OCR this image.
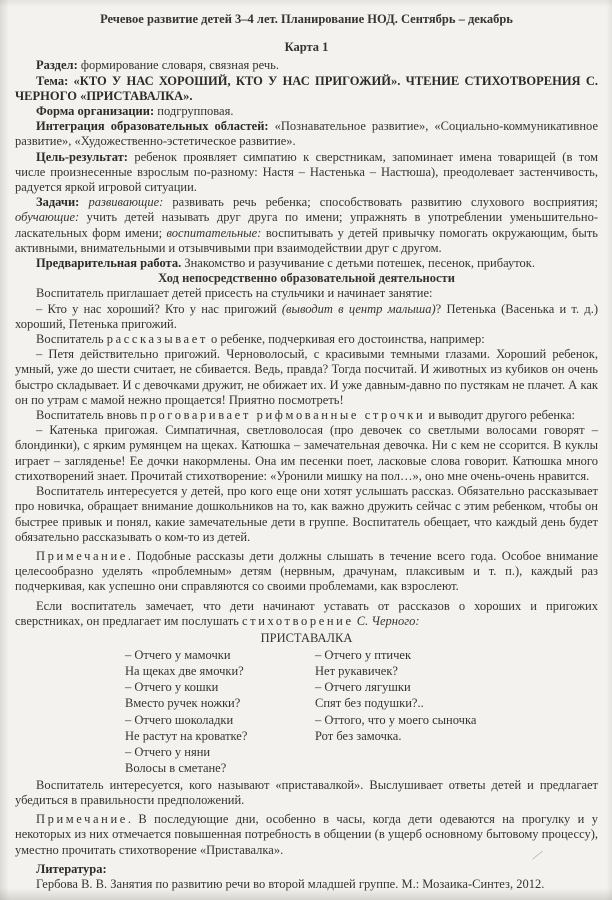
Речевое развитие детей 3–4 лет. Планирование НОД. Сентябрь – декабрь

Карта 1

Раздел: формирование словаря, связная речь.

Тема: «КТО У НАС ХОРОШИЙ, КТО У НАС ПРИГОЖИЙ». ЧТЕНИЕ СТИХОТВОРЕНИЯ С. ЧЕРНОГО «ПРИСТАВАЛКА».

Форма организации: подгрупповая.

Интеграция образовательных областей: «Познавательное развитие», «Социально-коммуникативное развитие», «Художественно-эстетическое развитие».

Цель-результат: ребенок проявляет симпатию к сверстникам, запоминает имена товарищей (в том числе произнесенные взрослым по-разному: Настя – Настенька – Настюша), преодолевает застенчивость, радуется яркой игровой ситуации.

Задачи: развивающие: развивать речь ребенка; способствовать развитию слухового восприятия; обучающие: учить детей называть друг друга по имени; упражнять в употреблении уменьшительно-ласкательных форм имени; воспитательные: воспитывать у детей привычку помогать окружающим, быть активными, внимательными и отзывчивыми при взаимодействии друг с другом.

Предварительная работа. Знакомство и разучивание с детьми потешек, песенок, прибауток.

Ход непосредственно образовательной деятельности

Воспитатель приглашает детей присесть на стульчики и начинает занятие:

– Кто у нас хороший? Кто у нас пригожий (выводит в центр малыша)? Петенька (Васенька и т. д.) хороший, Петенька пригожий.

Воспитатель рассказывает о ребенке, подчеркивая его достоинства, например:

– Петя действительно пригожий. Черноволосый, с красивыми темными глазами. Хороший ребенок, умный, уже до шести считает, не сбивается. Ведь, правда? Тогда посчитай. И животных из кубиков он очень быстро складывает. И с девочками дружит, не обижает их. И уже давным-давно по пустякам не плачет. А как он по утрам с мамой нежно прощается! Приятно посмотреть!

Воспитатель вновь проговаривает рифмованные строчки и выводит другого ребенка:

– Катенька пригожая. Симпатичная, светловолосая (про девочек со светлыми волосами говорят – блондинки), с ярким румянцем на щеках. Катюшка – замечательная девочка. Ни с кем не ссорится. В куклы играет – загляденье! Ее дочки накормлены. Она им песенки поет, ласковые слова говорит. Катюшка много стихотворений знает. Прочитай стихотворение: «Уронили мишку на пол…», оно мне очень-очень нравится.

Воспитатель интересуется у детей, про кого еще они хотят услышать рассказ. Обязательно рассказывает про новичка, обращает внимание дошкольников на то, как важно дружить сейчас с этим ребенком, чтобы он быстрее привык и понял, какие замечательные дети в группе. Воспитатель обещает, что каждый день будет обязательно рассказывать о ком-то из детей.

Примечание. Подобные рассказы дети должны слышать в течение всего года. Особое внимание целесообразно уделять «проблемным» детям (нервным, драчунам, плаксивым и т. п.), каждый раз подчеркивая, как успешно они справляются со своими проблемами, как взрослеют.

Если воспитатель замечает, что дети начинают уставать от рассказов о хороших и пригожих сверстниках, он предлагает им послушать стихотворение С. Черного:

ПРИСТАВАЛКА

– Отчего у мамочки
На щеках две ямочки?
– Отчего у кошки
Вместо ручек ножки?
– Отчего шоколадки
Не растут на кроватке?
– Отчего у няни
Волосы в сметане?
– Отчего у птичек
Нет рукавичек?
– Отчего лягушки
Спят без подушки?..
– Оттого, что у моего сыночка
Рот без замочка.

Воспитатель интересуется, кого называют «приставалкой». Выслушивает ответы детей и предлагает убедиться в правильности предположений.

Примечание. В последующие дни, особенно в часы, когда дети одеваются на прогулку и у некоторых из них отмечается повышенная потребность в общении (в ущерб основному бытовому процессу), уместно прочитать стихотворение «Приставалка».

Литература:

Гербова В. В. Занятия по развитию речи во второй младшей группе. М.: Мозаика-Синтез, 2012.

∕
